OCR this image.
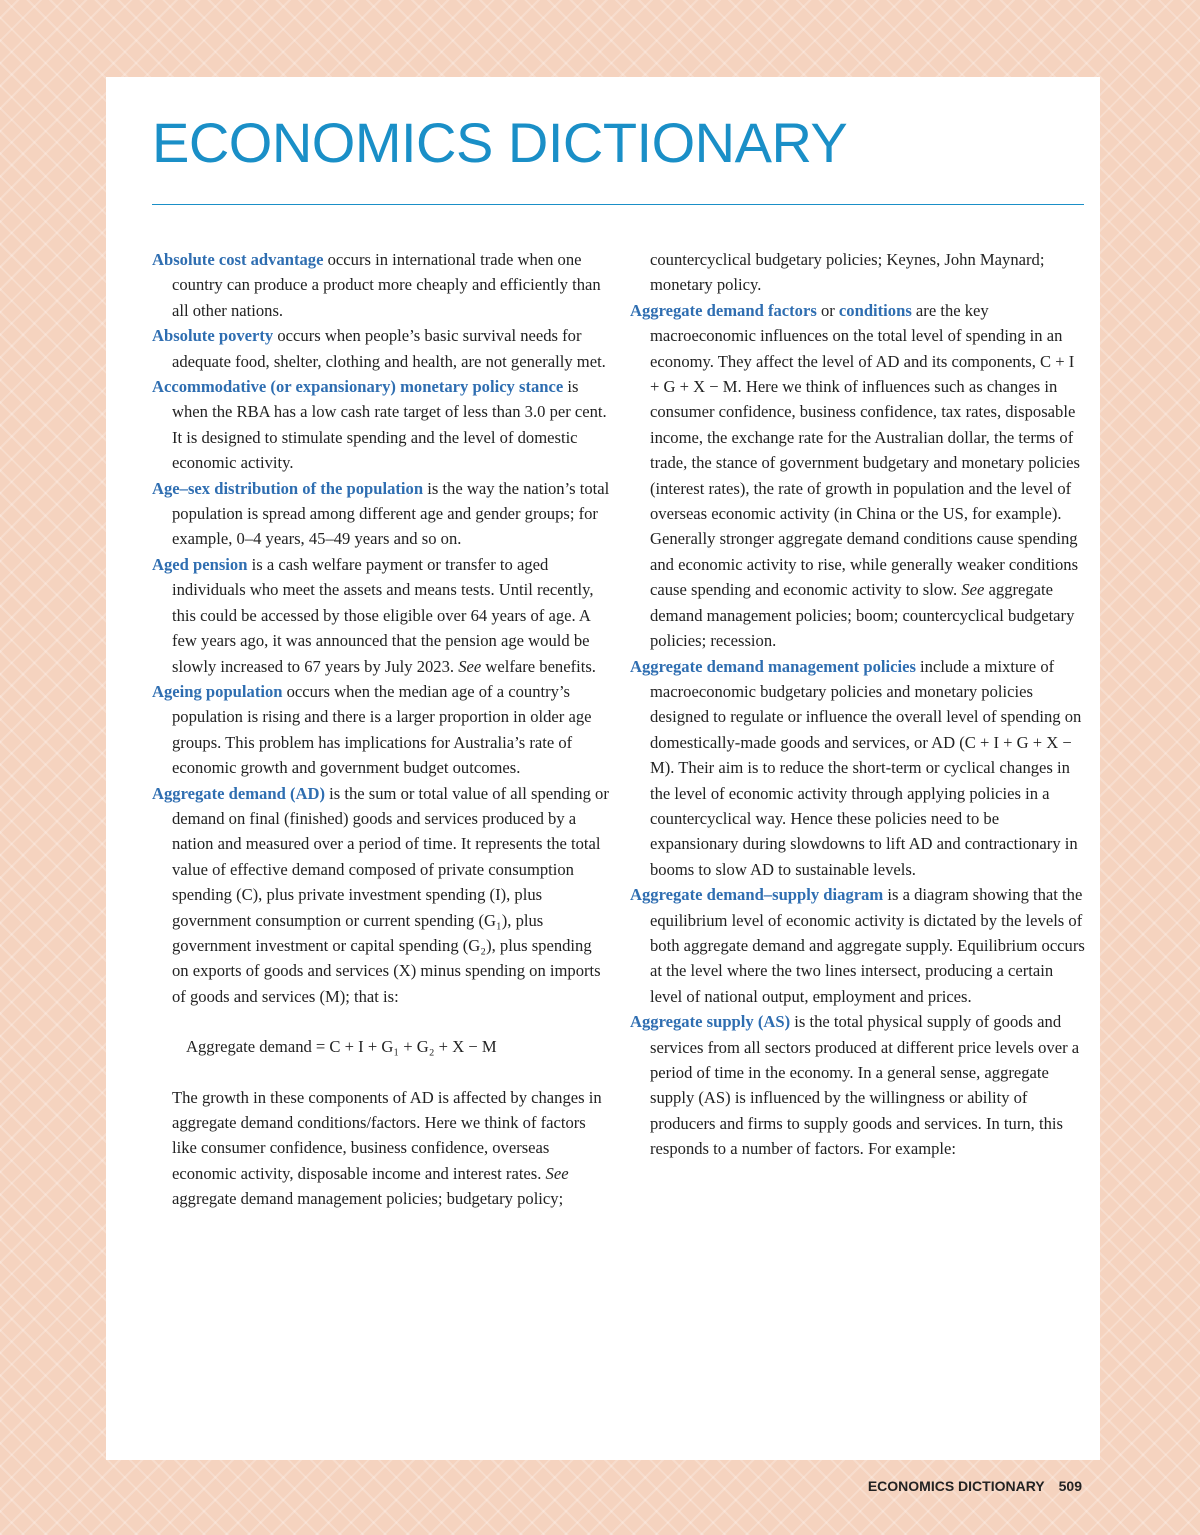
ECONOMICS DICTIONARY

Absolute cost advantage occurs in international trade when one country can produce a product more cheaply and efficiently than all other nations.

Absolute poverty occurs when people’s basic survival needs for adequate food, shelter, clothing and health, are not generally met.

Accommodative (or expansionary) monetary policy stance is when the RBA has a low cash rate target of less than 3.0 per cent. It is designed to stimulate spending and the level of domestic economic activity.

Age–sex distribution of the population is the way the nation’s total population is spread among different age and gender groups; for example, 0–4 years, 45–49 years and so on.

Aged pension is a cash welfare payment or transfer to aged individuals who meet the assets and means tests. Until recently, this could be accessed by those eligible over 64 years of age. A few years ago, it was announced that the pension age would be slowly increased to 67 years by July 2023. See welfare benefits.

Ageing population occurs when the median age of a country’s population is rising and there is a larger proportion in older age groups. This problem has implications for Australia’s rate of economic growth and government budget outcomes.

Aggregate demand (AD) is the sum or total value of all spending or demand on final (finished) goods and services produced by a nation and measured over a period of time. It represents the total value of effective demand composed of private consumption spending (C), plus private investment spending (I), plus government consumption or current spending (G₁), plus government investment or capital spending (G₂), plus spending on exports of goods and services (X) minus spending on imports of goods and services (M); that is:

Aggregate demand = C + I + G₁ + G₂ + X − M

The growth in these components of AD is affected by changes in aggregate demand conditions/factors. Here we think of factors like consumer confidence, business confidence, overseas economic activity, disposable income and interest rates. See aggregate demand management policies; budgetary policy;

countercyclical budgetary policies; Keynes, John Maynard; monetary policy.

Aggregate demand factors or conditions are the key macroeconomic influences on the total level of spending in an economy. They affect the level of AD and its components, C + I + G + X − M. Here we think of influences such as changes in consumer confidence, business confidence, tax rates, disposable income, the exchange rate for the Australian dollar, the terms of trade, the stance of government budgetary and monetary policies (interest rates), the rate of growth in population and the level of overseas economic activity (in China or the US, for example). Generally stronger aggregate demand conditions cause spending and economic activity to rise, while generally weaker conditions cause spending and economic activity to slow. See aggregate demand management policies; boom; countercyclical budgetary policies; recession.

Aggregate demand management policies include a mixture of macroeconomic budgetary policies and monetary policies designed to regulate or influence the overall level of spending on domestically-made goods and services, or AD (C + I + G + X − M). Their aim is to reduce the short-term or cyclical changes in the level of economic activity through applying policies in a countercyclical way. Hence these policies need to be expansionary during slowdowns to lift AD and contractionary in booms to slow AD to sustainable levels.

Aggregate demand–supply diagram is a diagram showing that the equilibrium level of economic activity is dictated by the levels of both aggregate demand and aggregate supply. Equilibrium occurs at the level where the two lines intersect, producing a certain level of national output, employment and prices.

Aggregate supply (AS) is the total physical supply of goods and services from all sectors produced at different price levels over a period of time in the economy. In a general sense, aggregate supply (AS) is influenced by the willingness or ability of producers and firms to supply goods and services. In turn, this responds to a number of factors. For example:

ECONOMICS DICTIONARY 509
